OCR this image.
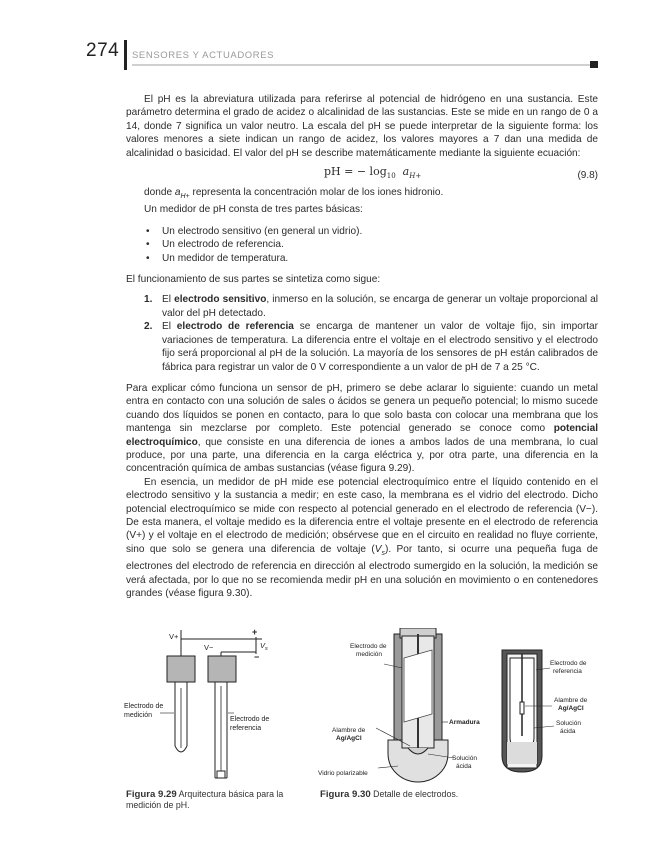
274 SENSORES Y ACTUADORES

El pH es la abreviatura utilizada para referirse al potencial de hidrógeno en una sustancia. Este parámetro determina el grado de acidez o alcalinidad de las sustancias. Este se mide en un rango de 0 a 14, donde 7 significa un valor neutro. La escala del pH se puede interpretar de la siguiente forma: los valores menores a siete indican un rango de acidez, los valores mayores a 7 dan una medida de alcalinidad o basicidad. El valor del pH se describe matemáticamente mediante la siguiente ecuación:

pH = − $\log_{10} a_{H+}$	(9.8)

donde $a_{H+}$ representa la concentración molar de los iones hidronio.

Un medidor de pH consta de tres partes básicas:

• Un electrodo sensitivo (en general un vidrio).
• Un electrodo de referencia.
• Un medidor de temperatura.

El funcionamiento de sus partes se sintetiza como sigue:

1. El electrodo sensitivo, inmerso en la solución, se encarga de generar un voltaje proporcional al valor del pH detectado.
2. El electrodo de referencia se encarga de mantener un valor de voltaje fijo, sin importar variaciones de temperatura. La diferencia entre el voltaje en el electrodo sensitivo y el electrodo fijo será proporcional al pH de la solución. La mayoría de los sensores de pH están calibrados de fábrica para registrar un valor de 0 V correspondiente a un valor de pH de 7 a 25 °C.

Para explicar cómo funciona un sensor de pH, primero se debe aclarar lo siguiente: cuando un metal entra en contacto con una solución de sales o ácidos se genera un pequeño potencial; lo mismo sucede cuando dos líquidos se ponen en contacto, para lo que solo basta con colocar una membrana que los mantenga sin mezclarse por completo. Este potencial generado se conoce como potencial electroquímico, que consiste en una diferencia de iones a ambos lados de una membrana, lo cual produce, por una parte, una diferencia en la carga eléctrica y, por otra parte, una diferencia en la concentración química de ambas sustancias (véase figura 9.29).

En esencia, un medidor de pH mide ese potencial electroquímico entre el líquido contenido en el electrodo sensitivo y la sustancia a medir; en este caso, la membrana es el vidrio del electrodo. Dicho potencial electroquímico se mide con respecto al potencial generado en el electrodo de referencia (V−). De esta manera, el voltaje medido es la diferencia entre el voltaje presente en el electrodo de referencia (V+) y el voltaje en el electrodo de medición; obsérvese que en el circuito en realidad no fluye corriente, sino que solo se genera una diferencia de voltaje $(V_s)$. Por tanto, si ocurre una pequeña fuga de electrones del electrodo de referencia en dirección al electrodo sumergido en la solución, la medición se verá afectada, por lo que no se recomienda medir pH en una solución en movimiento o en contenedores grandes (véase figura 9.30).

V+
V−
+
$V_s$
−
Electrodo de
medición
Electrodo de
referencia
Figura 9.29 Arquitectura básica para la medición de pH.
Electrodo de
medición
Armadura
Alambre de
Ag/AgCl
Solución
ácida
Vidrio polarizable
Electrodo de
referencia
Alambre de
Ag/AgCl
Solución
ácida
Figura 9.30 Detalle de electrodos.
